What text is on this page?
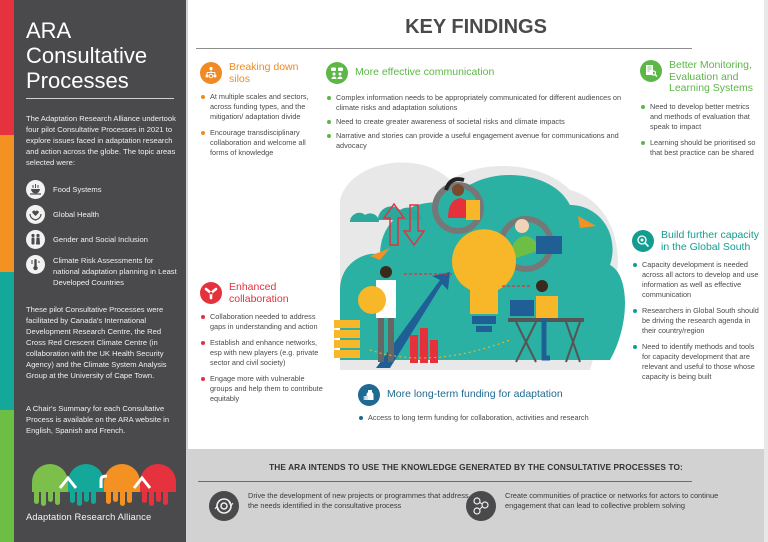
ARA Consultative Processes

The Adaptation Research Alliance undertook four pilot Consultative Processes in 2021 to explore issues faced in adaptation research and action across the globe. The topic areas selected were:

Food Systems
Global Health
Gender and Social Inclusion
Climate Risk Assessments for national adaptation planning in Least Developed Countries

These pilot Consultative Processes were facilitated by Canada's International Development Research Centre, the Red Cross Red Crescent Climate Centre (in collaboration with the UK Health Security Agency) and the Climate System Analysis Group at the University of Cape Town.

A Chair's Summary for each Consultative Process is available on the ARA website in English, Spanish and French.

Adaptation Research Alliance
KEY FINDINGS
Breaking down silos
At multiple scales and sectors, across funding types, and the mitigation/ adaptation divide
Encourage transdisciplinary collaboration and welcome all forms of knowledge
More effective communication
Complex information needs to be appropriately communicated for different audiences on climate risks and adaptation solutions
Need to create greater awareness of societal risks and climate impacts
Narrative and stories can provide a useful engagement avenue for communications and advocacy
Better Monitoring, Evaluation and Learning Systems
Need to develop better metrics and methods of evaluation that speak to impact
Learning should be prioritised so that best practice can be shared
Enhanced collaboration
Collaboration needed to address gaps in understanding and action
Establish and enhance networks, esp with new players (e.g. private sector and civil society)
Engage more with vulnerable groups and help them to contribute equitably
Build further capacity in the Global South
Capacity development is needed across all actors to develop and use information as well as effective communication
Researchers in Global South should be driving the research agenda in their country/region
Need to identify methods and tools for capacity development that are relevant and useful to those whose capacity is being built
More long-term funding for adaptation
Access to long term funding for collaboration, activities and research
THE ARA INTENDS TO USE THE KNOWLEDGE GENERATED BY THE CONSULTATIVE PROCESSES TO:
Drive the development of new projects or programmes that address the needs identified in the consultative process
Create communities of practice or networks for actors to continue engagement that can lead to collective problem solving
